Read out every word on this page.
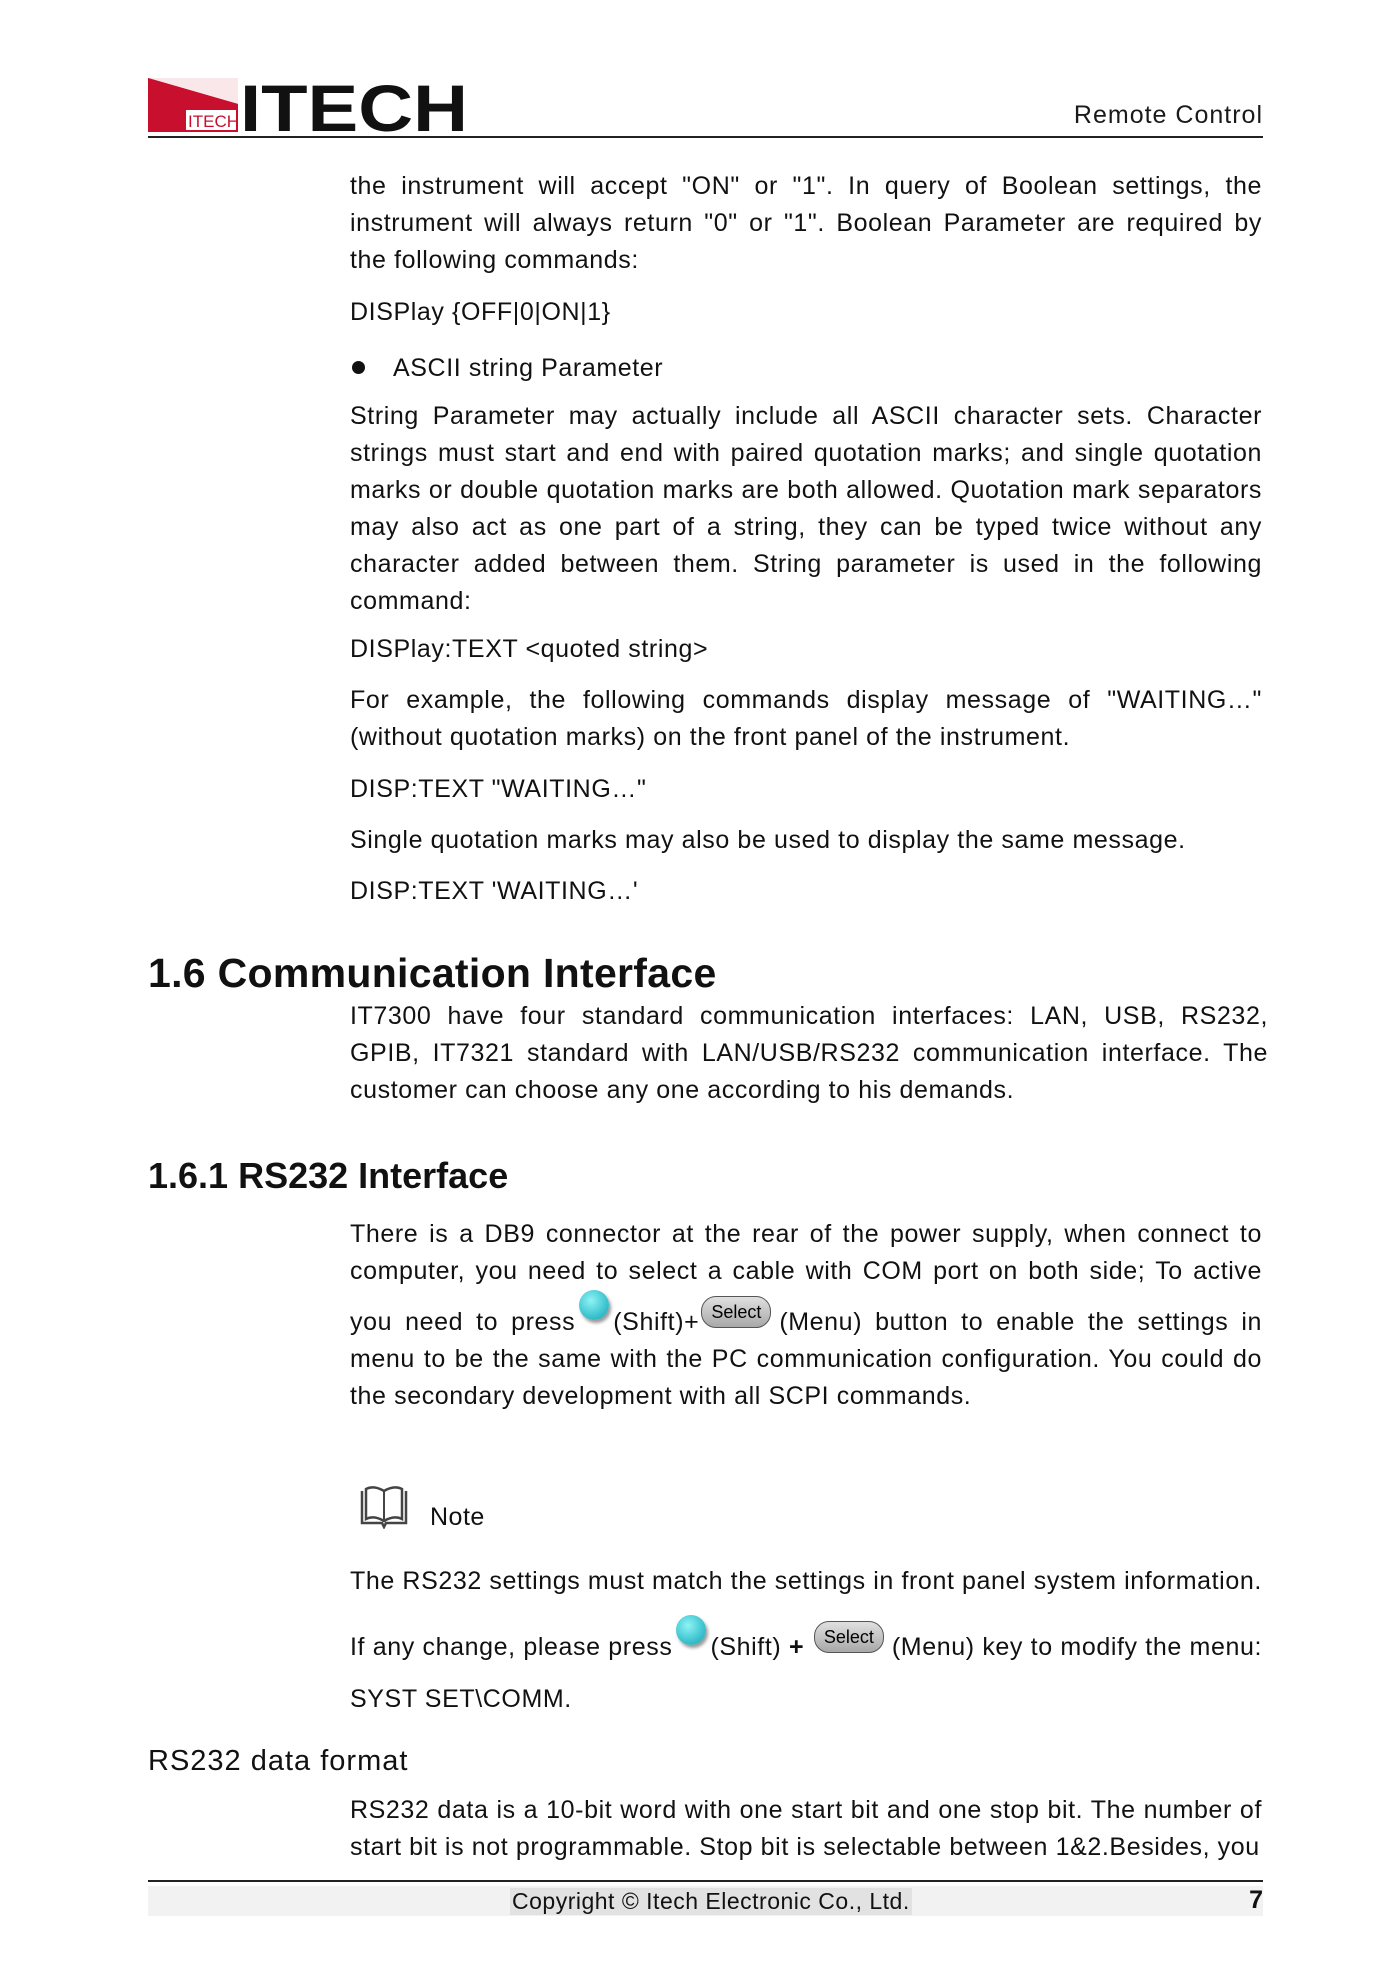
ITECH ITECH	Remote Control

the instrument will accept "ON" or "1". In query of Boolean settings, the instrument will always return "0" or "1". Boolean Parameter are required by the following commands:

DISPlay {OFF|0|ON|1}
ASCII string Parameter

String Parameter may actually include all ASCII character sets. Character strings must start and end with paired quotation marks; and single quotation marks or double quotation marks are both allowed. Quotation mark separators may also act as one part of a string, they can be typed twice without any character added between them. String parameter is used in the following command:

DISPlay:TEXT <quoted string>

For example, the following commands display message of "WAITING…" (without quotation marks) on the front panel of the instrument.

DISP:TEXT "WAITING…"
Single quotation marks may also be used to display the same message.
DISP:TEXT 'WAITING…'
1.6 Communication Interface

IT7300 have four standard communication interfaces: LAN, USB, RS232, GPIB, IT7321 standard with LAN/USB/RS232 communication interface. The customer can choose any one according to his demands.

1.6.1 RS232 Interface

There is a DB9 connector at the rear of the power supply, when connect to computer, you need to select a cable with COM port on both side; To active you need to press (Shift)+ Select (Menu) button to enable the settings in menu to be the same with the PC communication configuration. You could do the secondary development with all SCPI commands.

Note
The RS232 settings must match the settings in front panel system information.

If any change, please press (Shift) + Select (Menu) key to modify the menu: SYST SET\COMM.

RS232 data format

RS232 data is a 10-bit word with one start bit and one stop bit. The number of start bit is not programmable. Stop bit is selectable between 1&2.Besides, you

Copyright © Itech Electronic Co., Ltd.	7
